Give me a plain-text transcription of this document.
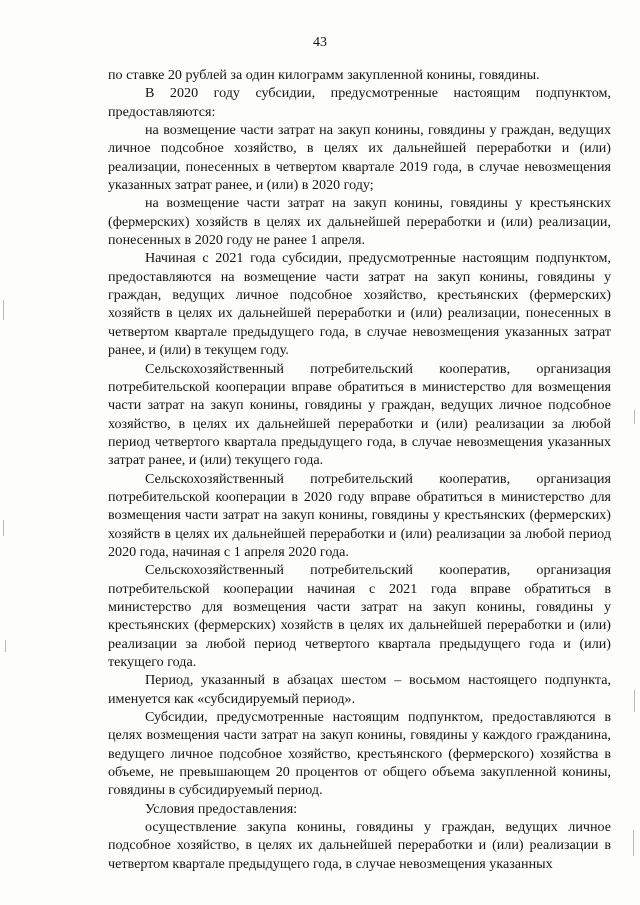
43

по ставке 20 рублей за один килограмм закупленной конины, говядины.

В 2020 году субсидии, предусмотренные настоящим подпунктом, предоставляются:

на возмещение части затрат на закуп конины, говядины у граждан, ведущих личное подсобное хозяйство, в целях их дальнейшей переработки и (или) реализации, понесенных в четвертом квартале 2019 года, в случае невозмещения указанных затрат ранее, и (или) в 2020 году;

на возмещение части затрат на закуп конины, говядины у крестьянских (фермерских) хозяйств в целях их дальнейшей переработки и (или) реализации, понесенных в 2020 году не ранее 1 апреля.

Начиная с 2021 года субсидии, предусмотренные настоящим подпунктом, предоставляются на возмещение части затрат на закуп конины, говядины у граждан, ведущих личное подсобное хозяйство, крестьянских (фермерских) хозяйств в целях их дальнейшей переработки и (или) реализации, понесенных в четвертом квартале предыдущего года, в случае невозмещения указанных затрат ранее, и (или) в текущем году.

Сельскохозяйственный потребительский кооператив, организация потребительской кооперации вправе обратиться в министерство для возмещения части затрат на закуп конины, говядины у граждан, ведущих личное подсобное хозяйство, в целях их дальнейшей переработки и (или) реализации за любой период четвертого квартала предыдущего года, в случае невозмещения указанных затрат ранее, и (или) текущего года.

Сельскохозяйственный потребительский кооператив, организация потребительской кооперации в 2020 году вправе обратиться в министерство для возмещения части затрат на закуп конины, говядины у крестьянских (фермерских) хозяйств в целях их дальнейшей переработки и (или) реализации за любой период 2020 года, начиная с 1 апреля 2020 года.

Сельскохозяйственный потребительский кооператив, организация потребительской кооперации начиная с 2021 года вправе обратиться в министерство для возмещения части затрат на закуп конины, говядины у крестьянских (фермерских) хозяйств в целях их дальнейшей переработки и (или) реализации за любой период четвертого квартала предыдущего года и (или) текущего года.

Период, указанный в абзацах шестом – восьмом настоящего подпункта, именуется как «субсидируемый период».

Субсидии, предусмотренные настоящим подпунктом, предоставляются в целях возмещения части затрат на закуп конины, говядины у каждого гражданина, ведущего личное подсобное хозяйство, крестьянского (фермерского) хозяйства в объеме, не превышающем 20 процентов от общего объема закупленной конины, говядины в субсидируемый период.

Условия предоставления:

осуществление закупа конины, говядины у граждан, ведущих личное подсобное хозяйство, в целях их дальнейшей переработки и (или) реализации в четвертом квартале предыдущего года, в случае невозмещения указанных
